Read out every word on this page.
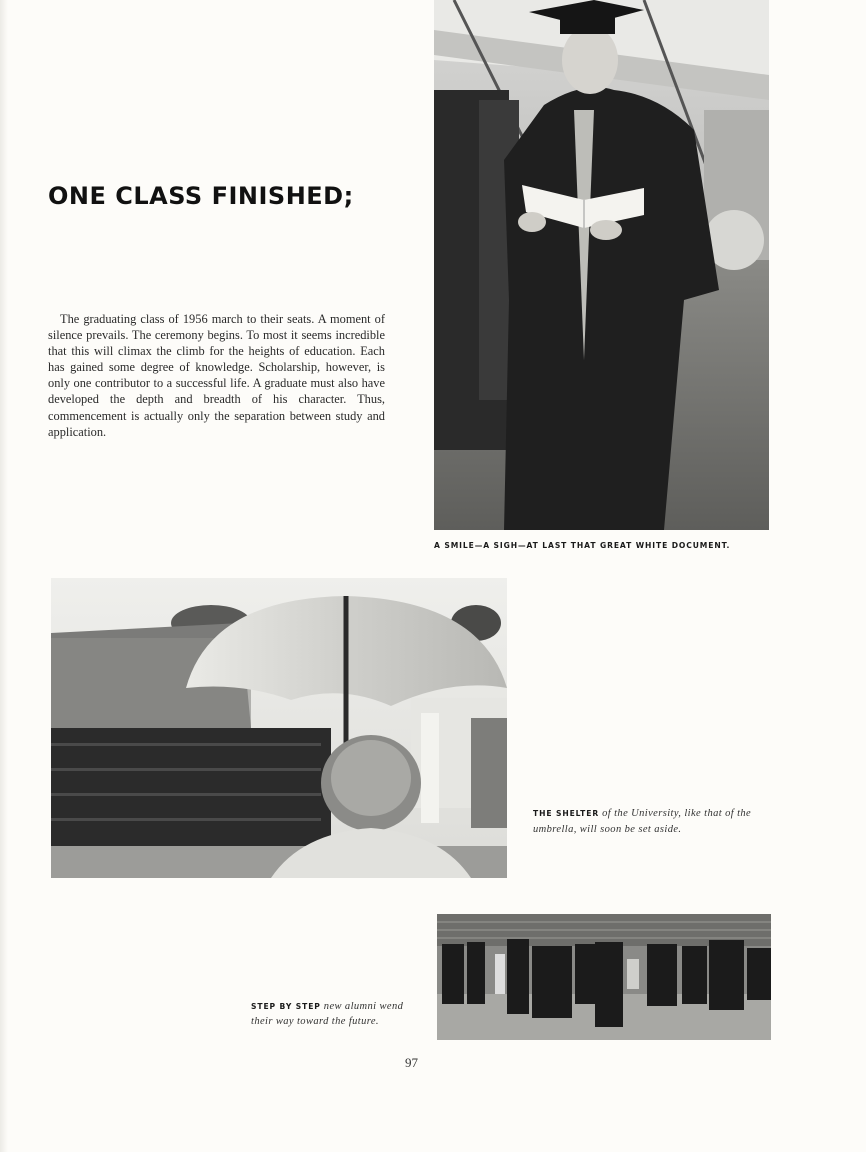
ONE CLASS FINISHED;

The graduating class of 1956 march to their seats. A moment of silence prevails. The ceremony begins. To most it seems incredible that this will climax the climb for the heights of education. Each has gained some degree of knowledge. Scholarship, however, is only one contributor to a successful life. A graduate must also have developed the depth and breadth of his character. Thus, commencement is actually only the separation between study and application.

A SMILE—A SIGH—AT LAST THAT GREAT WHITE DOCUMENT.
THE SHELTER of the University, like that of the umbrella, will soon be set aside.
STEP BY STEP new alumni wend their way toward the future.
97
